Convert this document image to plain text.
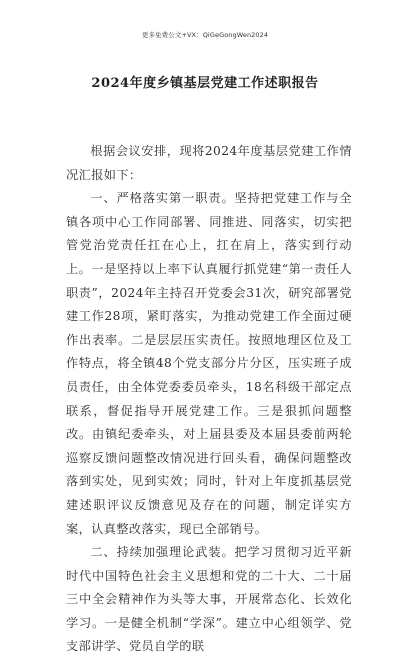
更多免费公文+VX：QiGeGongWen2024
2024年度乡镇基层党建工作述职报告

根据会议安排，现将2024年度基层党建工作情况汇报如下：

一、严格落实第一职责。坚持把党建工作与全镇各项中心工作同部署、同推进、同落实，切实把管党治党责任扛在心上，扛在肩上，落实到行动上。一是坚持以上率下认真履行抓党建“第一责任人职责”，2024年主持召开党委会31次，研究部署党建工作28项，紧盯落实，为推动党建工作全面过硬作出表率。二是层层压实责任。按照地理区位及工作特点，将全镇48个党支部分片分区，压实班子成员责任，由全体党委委员牵头，18名科级干部定点联系，督促指导开展党建工作。三是狠抓问题整改。由镇纪委牵头，对上届县委及本届县委前两轮巡察反馈问题整改情况进行回头看，确保问题整改落到实处，见到实效；同时，针对上年度抓基层党建述职评议反馈意见及存在的问题，制定详实方案，认真整改落实，现已全部销号。

二、持续加强理论武装。把学习贯彻习近平新时代中国特色社会主义思想和党的二十大、二十届三中全会精神作为头等大事，开展常态化、长效化学习。一是健全机制“学深”。建立中心组领学、党支部讲学、党员自学的联
